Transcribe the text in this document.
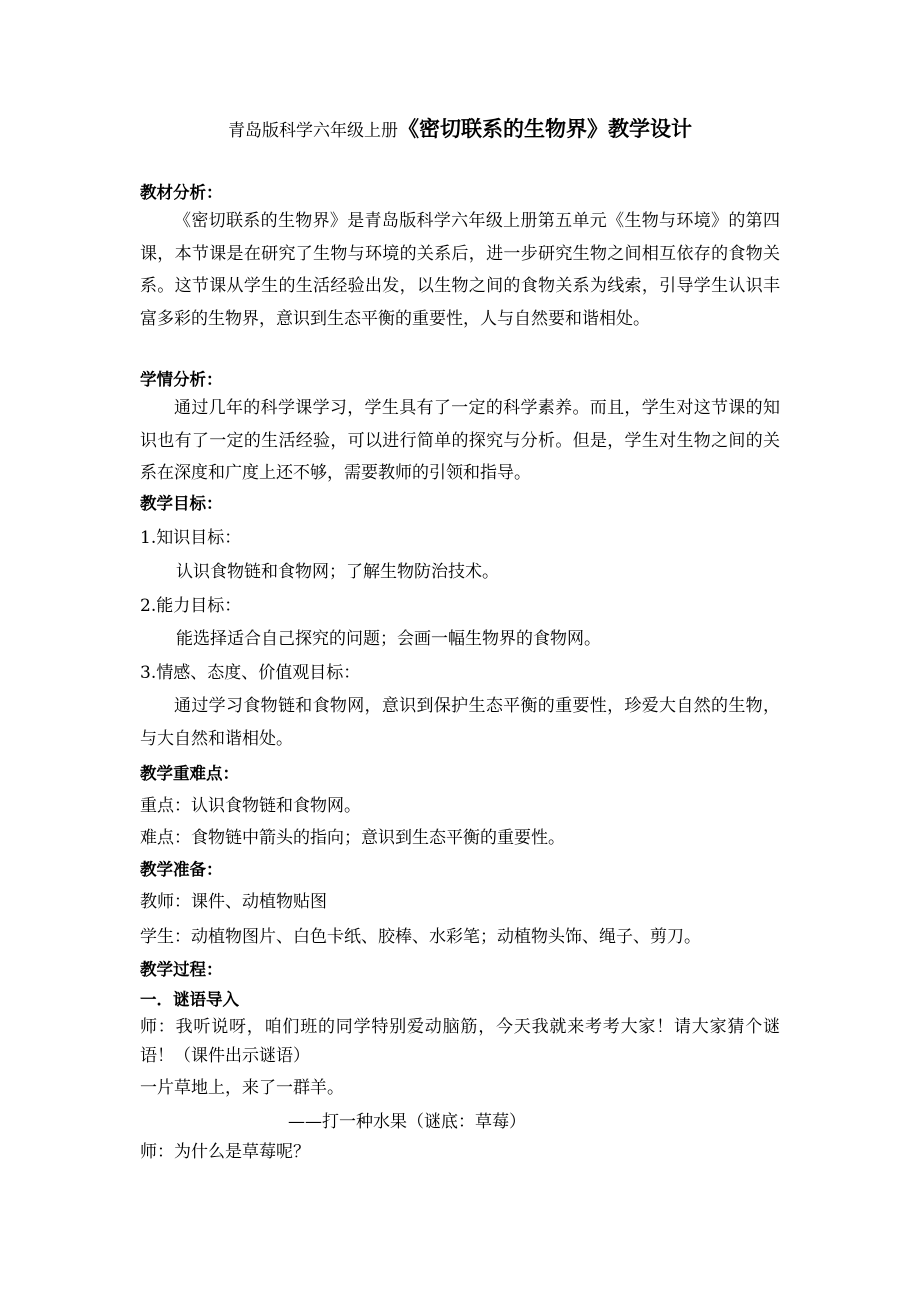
青岛版科学六年级上册《密切联系的生物界》教学设计
教材分析：
《密切联系的生物界》是青岛版科学六年级上册第五单元《生物与环境》的第四课，本节课是在研究了生物与环境的关系后，进一步研究生物之间相互依存的食物关系。这节课从学生的生活经验出发，以生物之间的食物关系为线索，引导学生认识丰富多彩的生物界，意识到生态平衡的重要性，人与自然要和谐相处。
学情分析：
通过几年的科学课学习，学生具有了一定的科学素养。而且，学生对这节课的知识也有了一定的生活经验，可以进行简单的探究与分析。但是，学生对生物之间的关系在深度和广度上还不够，需要教师的引领和指导。
教学目标：
1.知识目标：
认识食物链和食物网；了解生物防治技术。
2.能力目标：
能选择适合自己探究的问题；会画一幅生物界的食物网。
3.情感、态度、价值观目标：
通过学习食物链和食物网，意识到保护生态平衡的重要性，珍爱大自然的生物，与大自然和谐相处。
教学重难点：
重点：认识食物链和食物网。
难点：食物链中箭头的指向；意识到生态平衡的重要性。
教学准备：
教师：课件、动植物贴图
学生：动植物图片、白色卡纸、胶棒、水彩笔；动植物头饰、绳子、剪刀。
教学过程：
一．谜语导入
师：我听说呀，咱们班的同学特别爱动脑筋，今天我就来考考大家！请大家猜个谜语！（课件出示谜语）
一片草地上，来了一群羊。
——打一种水果（谜底：草莓）
师：为什么是草莓呢？
